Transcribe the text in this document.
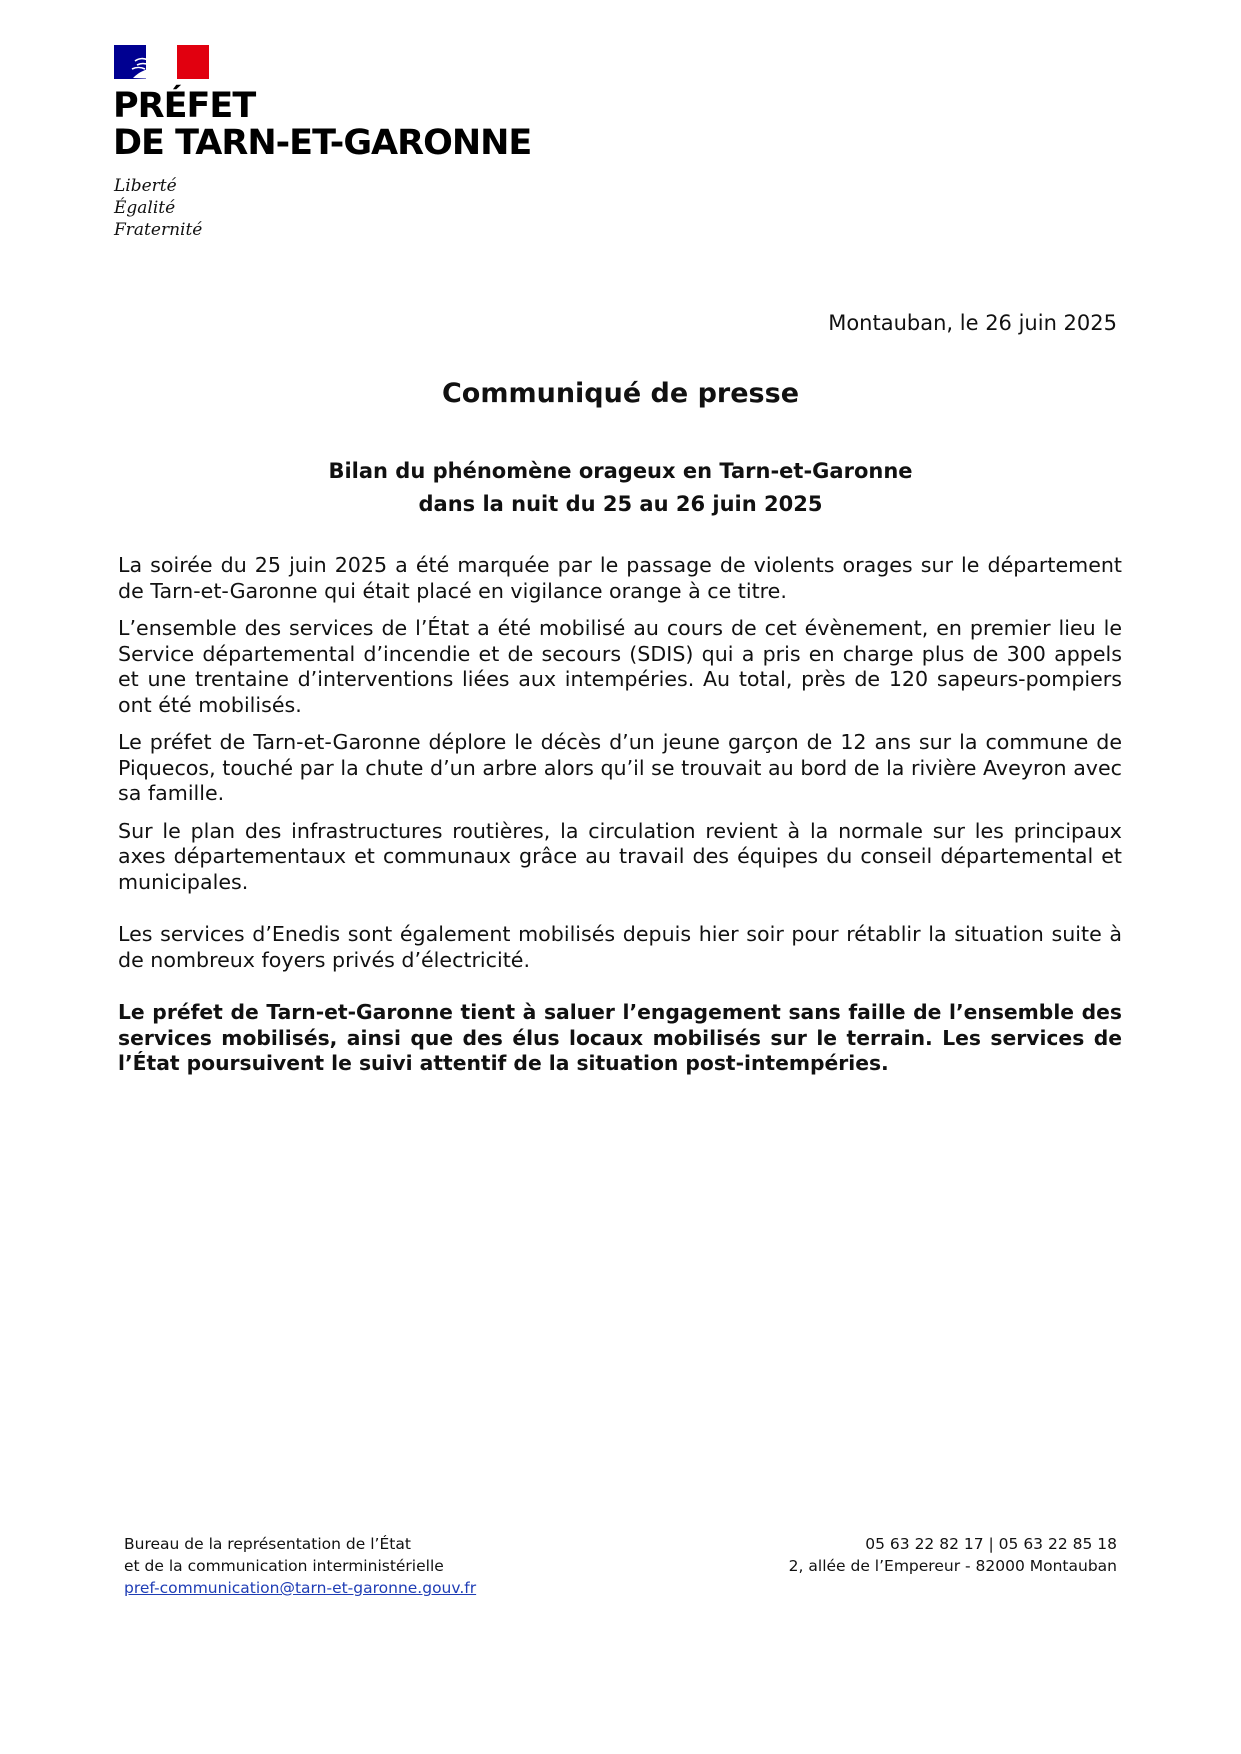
PRÉFET
DE TARN-ET-GARONNE
Liberté
Égalité
Fraternité
Montauban, le 26 juin 2025
Communiqué de presse
Bilan du phénomène orageux en Tarn-et-Garonne
dans la nuit du 25 au 26 juin 2025

La soirée du 25 juin 2025 a été marquée par le passage de violents orages sur le département de Tarn-et-Garonne qui était placé en vigilance orange à ce titre.

L’ensemble des services de l’État a été mobilisé au cours de cet évènement, en premier lieu le Service départemental d’incendie et de secours (SDIS) qui a pris en charge plus de 300 appels et une trentaine d’interventions liées aux intempéries. Au total, près de 120 sapeurs-pompiers ont été mobilisés.

Le préfet de Tarn-et-Garonne déplore le décès d’un jeune garçon de 12 ans sur la commune de Piquecos, touché par la chute d’un arbre alors qu’il se trouvait au bord de la rivière Aveyron avec sa famille.

Sur le plan des infrastructures routières, la circulation revient à la normale sur les principaux axes départementaux et communaux grâce au travail des équipes du conseil départemental et municipales.

Les services d’Enedis sont également mobilisés depuis hier soir pour rétablir la situation suite à de nombreux foyers privés d’électricité.

Le préfet de Tarn-et-Garonne tient à saluer l’engagement sans faille de l’ensemble des services mobilisés, ainsi que des élus locaux mobilisés sur le terrain. Les services de l’État poursuivent le suivi attentif de la situation post-intempéries.

Bureau de la représentation de l’État
et de la communication interministérielle
pref-communication@tarn-et-garonne.gouv.fr
05 63 22 82 17 | 05 63 22 85 18
2, allée de l’Empereur - 82000 Montauban
